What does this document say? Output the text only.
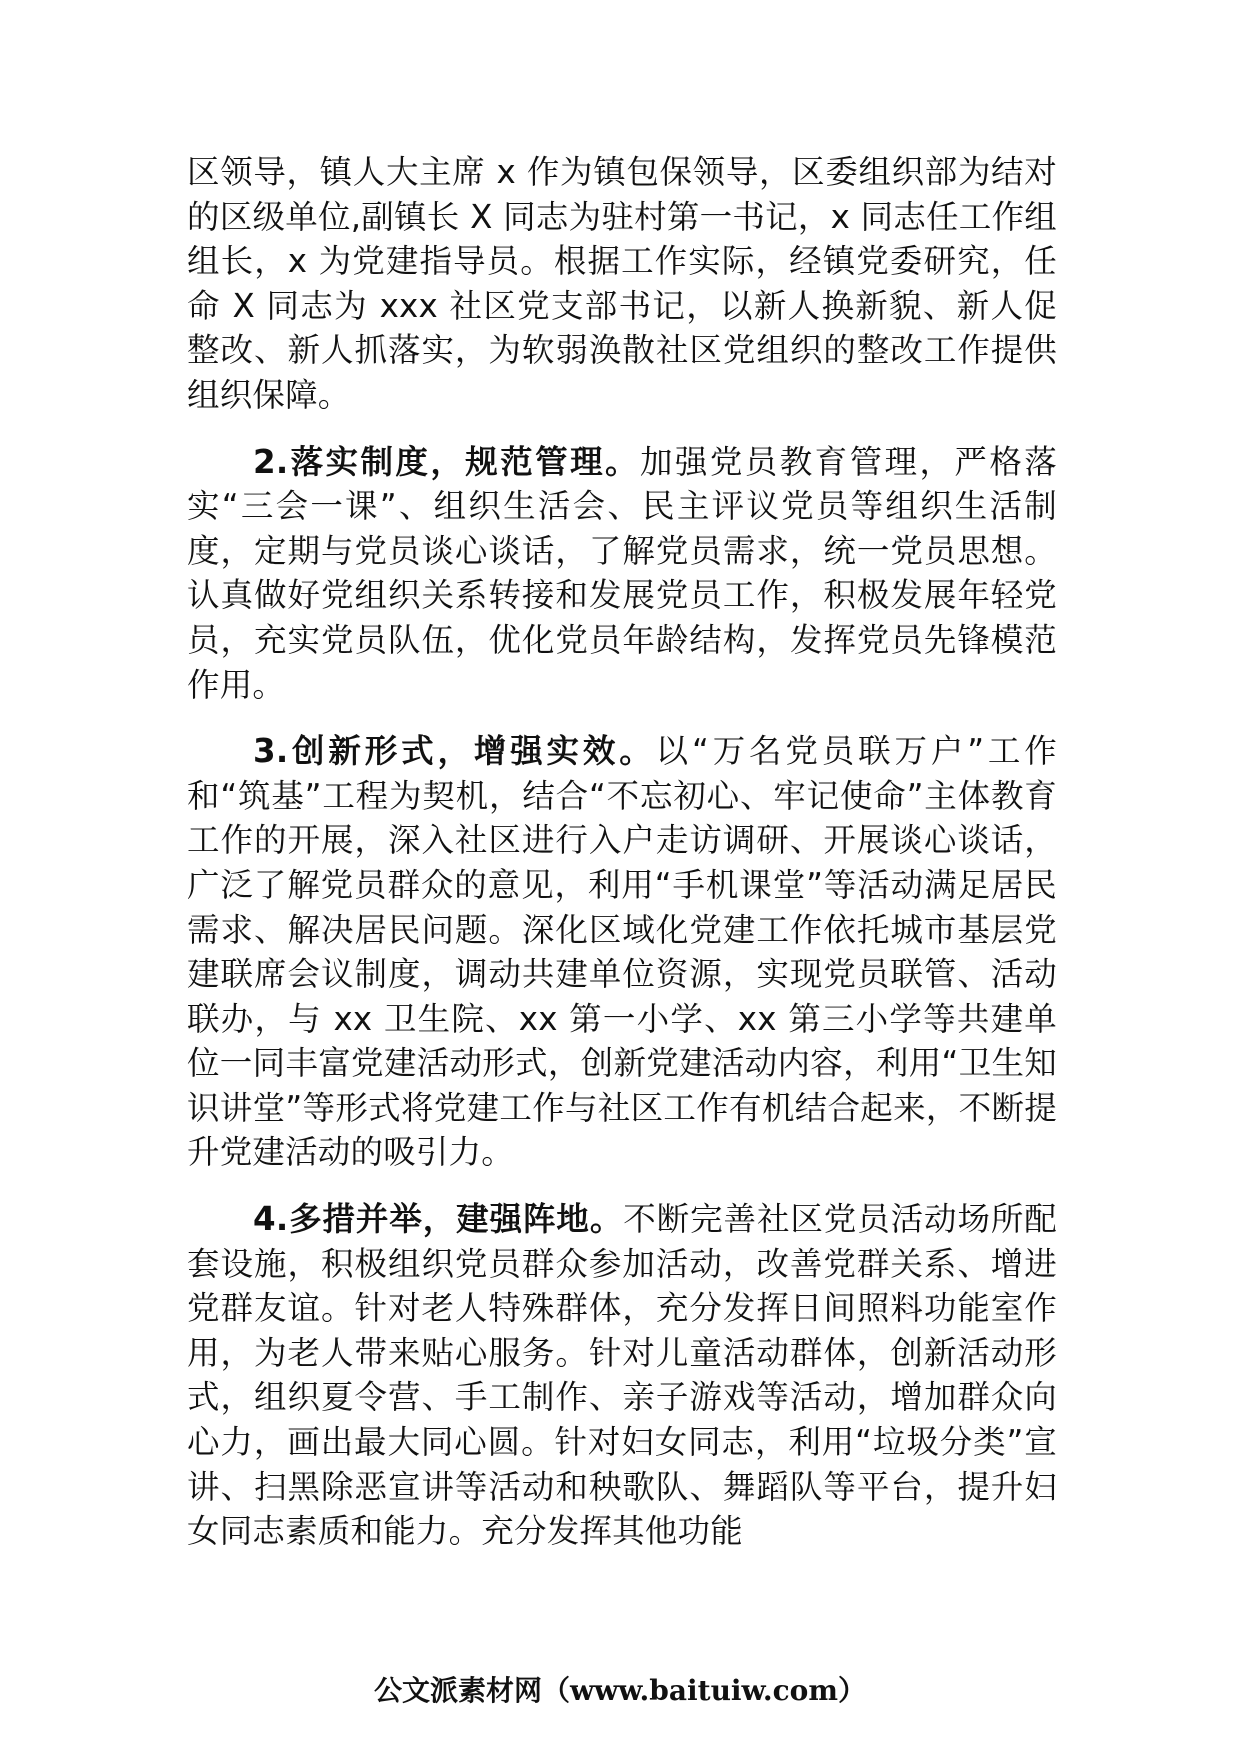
区领导，镇人大主席 x 作为镇包保领导，区委组织部为结对的区级单位,副镇长 X 同志为驻村第一书记，x 同志任工作组组长，x 为党建指导员。根据工作实际，经镇党委研究，任命 X 同志为 xxx 社区党支部书记，以新人换新貌、新人促整改、新人抓落实，为软弱涣散社区党组织的整改工作提供组织保障。

2.落实制度，规范管理。加强党员教育管理，严格落实“三会一课”、组织生活会、民主评议党员等组织生活制度，定期与党员谈心谈话，了解党员需求，统一党员思想。认真做好党组织关系转接和发展党员工作，积极发展年轻党员，充实党员队伍，优化党员年龄结构，发挥党员先锋模范作用。

3.创新形式，增强实效。以“万名党员联万户”工作和“筑基”工程为契机，结合“不忘初心、牢记使命”主体教育工作的开展，深入社区进行入户走访调研、开展谈心谈话，广泛了解党员群众的意见，利用“手机课堂”等活动满足居民需求、解决居民问题。深化区域化党建工作依托城市基层党建联席会议制度，调动共建单位资源，实现党员联管、活动联办，与 xx 卫生院、xx 第一小学、xx 第三小学等共建单位一同丰富党建活动形式，创新党建活动内容，利用“卫生知识讲堂”等形式将党建工作与社区工作有机结合起来，不断提升党建活动的吸引力。

4.多措并举，建强阵地。不断完善社区党员活动场所配套设施，积极组织党员群众参加活动，改善党群关系、增进党群友谊。针对老人特殊群体，充分发挥日间照料功能室作用，为老人带来贴心服务。针对儿童活动群体，创新活动形式，组织夏令营、手工制作、亲子游戏等活动，增加群众向心力，画出最大同心圆。针对妇女同志，利用“垃圾分类”宣讲、扫黑除恶宣讲等活动和秧歌队、舞蹈队等平台，提升妇女同志素质和能力。充分发挥其他功能

公文派素材网（www.baituiw.com）
